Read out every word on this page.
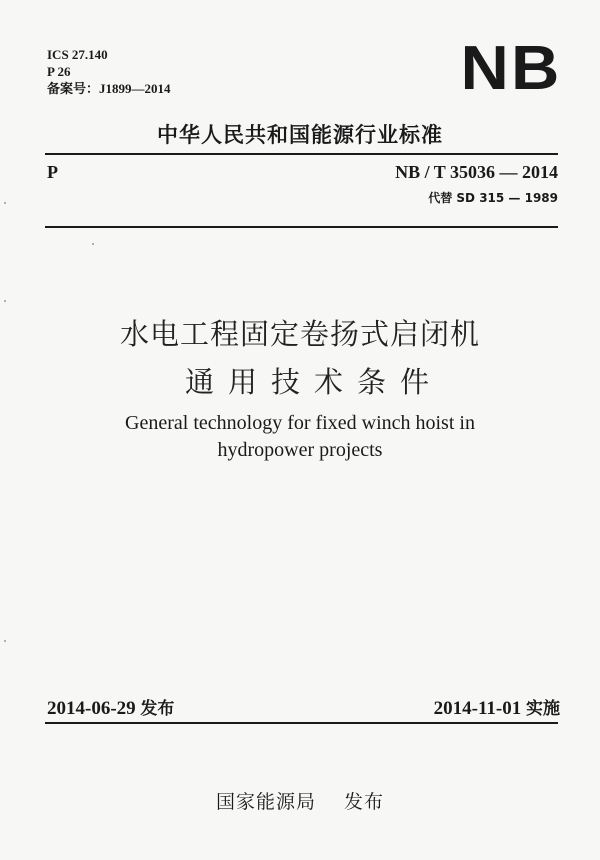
ICS 27.140
P 26
备案号：J1899—2014	NB
中华人民共和国能源行业标准
P	NB / T 35036 — 2014
代替 SD 315 — 1989
水电工程固定卷扬式启闭机
通用技术条件
General technology for fixed winch hoist in
hydropower projects
2014-06-29 发布	2014-11-01 实施
国家能源局 发布
